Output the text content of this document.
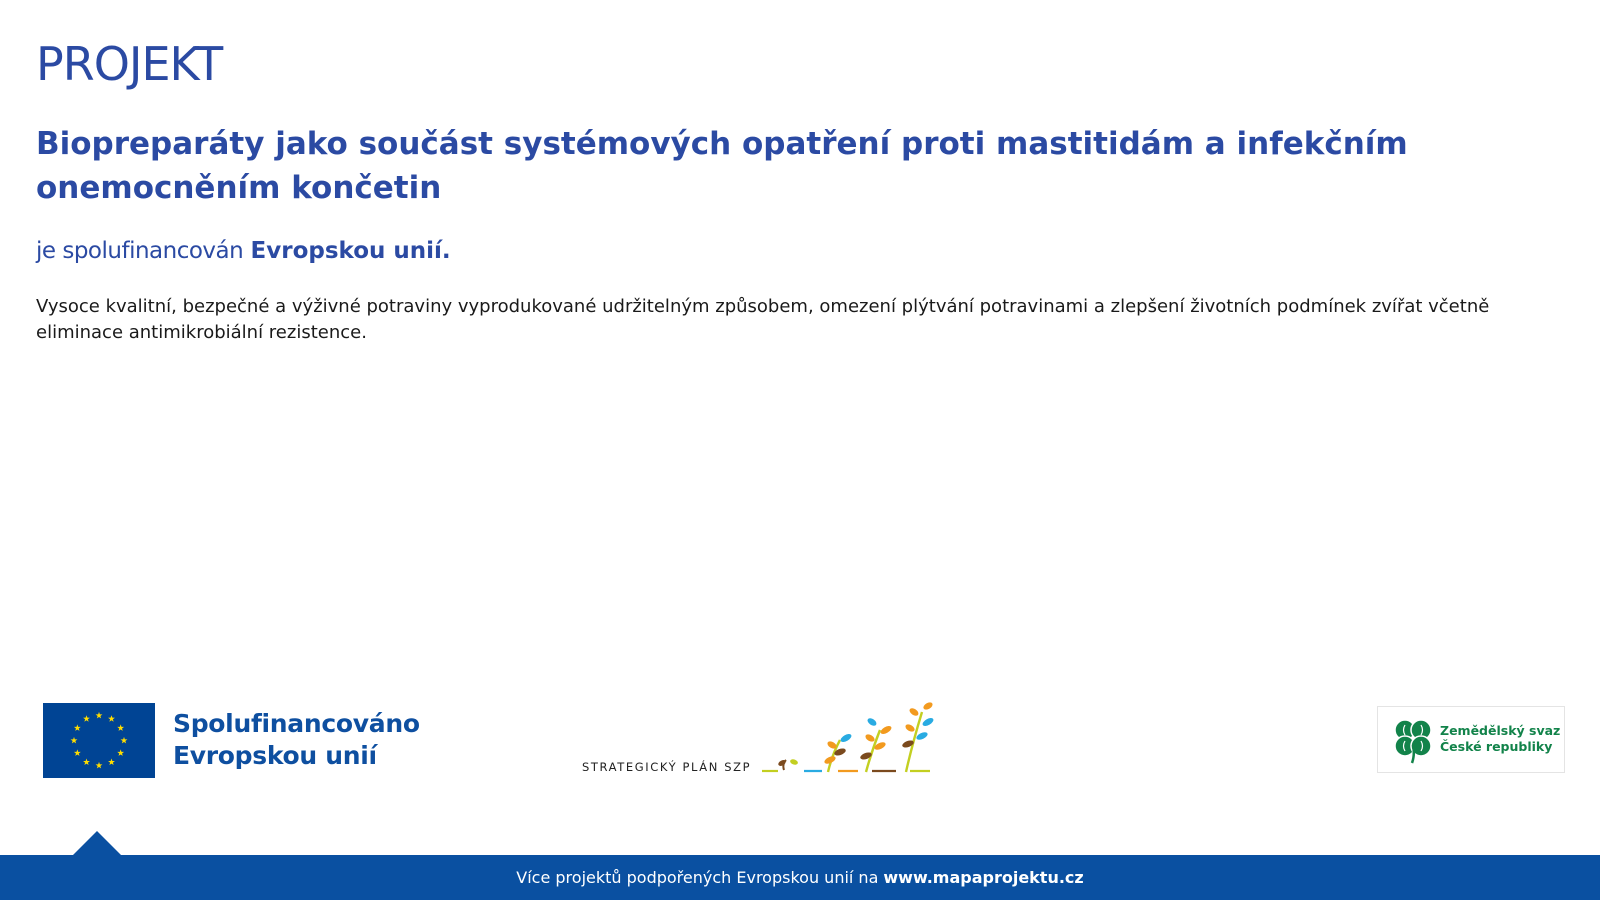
PROJEKT
Biopreparáty jako součást systémových opatření proti mastitidám a infekčním onemocněním končetin

je spolufinancován Evropskou unií.

Vysoce kvalitní, bezpečné a výživné potraviny vyprodukované udržitelným způsobem, omezení plýtvání potravinami a zlepšení životních podmínek zvířat včetně eliminace antimikrobiální rezistence.

Spolufinancováno
Evropskou unií	STRATEGICKÝ PLÁN SZP
Zemědělský svaz
České republiky
Více projektů podpořených Evropskou unií na www.mapaprojektu.cz
